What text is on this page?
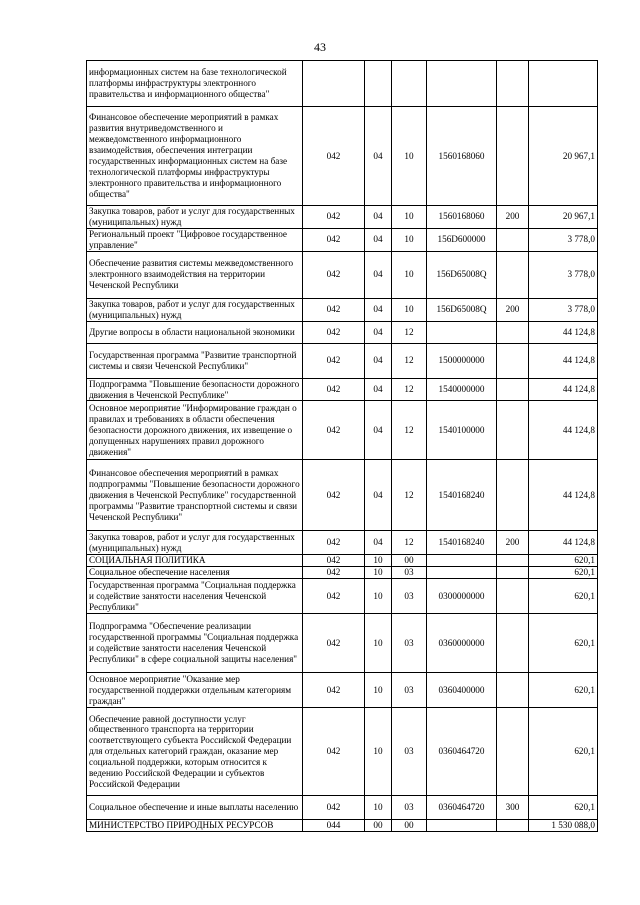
43
информационных систем на базе технологической платформы инфраструктуры электронного правительства и информационного общества"						
Финансовое обеспечение мероприятий в рамках развития внутриведомственного и межведомственного информационного взаимодействия, обеспечения интеграции государственных информационных систем на базе технологической платформы инфраструктуры электронного правительства и информационного общества"	042	04	10	1560168060		20 967,1
Закупка товаров, работ и услуг для государственных (муниципальных) нужд	042	04	10	1560168060	200	20 967,1
Региональный проект "Цифровое государственное управление"	042	04	10	156D600000		3 778,0
Обеспечение развития системы межведомственного электронного взаимодействия на территории Чеченской Республики	042	04	10	156D65008Q		3 778,0
Закупка товаров, работ и услуг для государственных (муниципальных) нужд	042	04	10	156D65008Q	200	3 778,0
Другие вопросы в области национальной экономики	042	04	12			44 124,8
Государственная программа "Развитие транспортной системы и связи Чеченской Республики"	042	04	12	1500000000		44 124,8
Подпрограмма "Повышение безопасности дорожного движения в Чеченской Республике"	042	04	12	1540000000		44 124,8
Основное мероприятие "Информирование граждан о правилах и требованиях в области обеспечения безопасности дорожного движения, их извещение о допущенных нарушениях правил дорожного движения"	042	04	12	1540100000		44 124,8
Финансовое обеспечения мероприятий в рамках подпрограммы "Повышение безопасности дорожного движения в Чеченской Республике" государственной программы "Развитие транспортной системы и связи Чеченской Республики"	042	04	12	1540168240		44 124,8
Закупка товаров, работ и услуг для государственных (муниципальных) нужд	042	04	12	1540168240	200	44 124,8
СОЦИАЛЬНАЯ ПОЛИТИКА	042	10	00			620,1
Социальное обеспечение населения	042	10	03			620,1
Государственная программа "Социальная поддержка и содействие занятости населения Чеченской Республики"	042	10	03	0300000000		620,1
Подпрограмма "Обеспечение реализации государственной программы "Социальная поддержка и содействие занятости населения Чеченской Республики" в сфере социальной защиты населения"	042	10	03	0360000000		620,1
Основное мероприятие "Оказание мер государственной поддержки отдельным категориям граждан"	042	10	03	0360400000		620,1
Обеспечение равной доступности услуг общественного транспорта на территории соответствующего субъекта Российской Федерации для отдельных категорий граждан, оказание мер социальной поддержки, которым относится к ведению Российской Федерации и субъектов Российской Федерации	042	10	03	0360464720		620,1
Социальное обеспечение и иные выплаты населению	042	10	03	0360464720	300	620,1
МИНИСТЕРСТВО ПРИРОДНЫХ РЕСУРСОВ	044	00	00			1 530 088,0
